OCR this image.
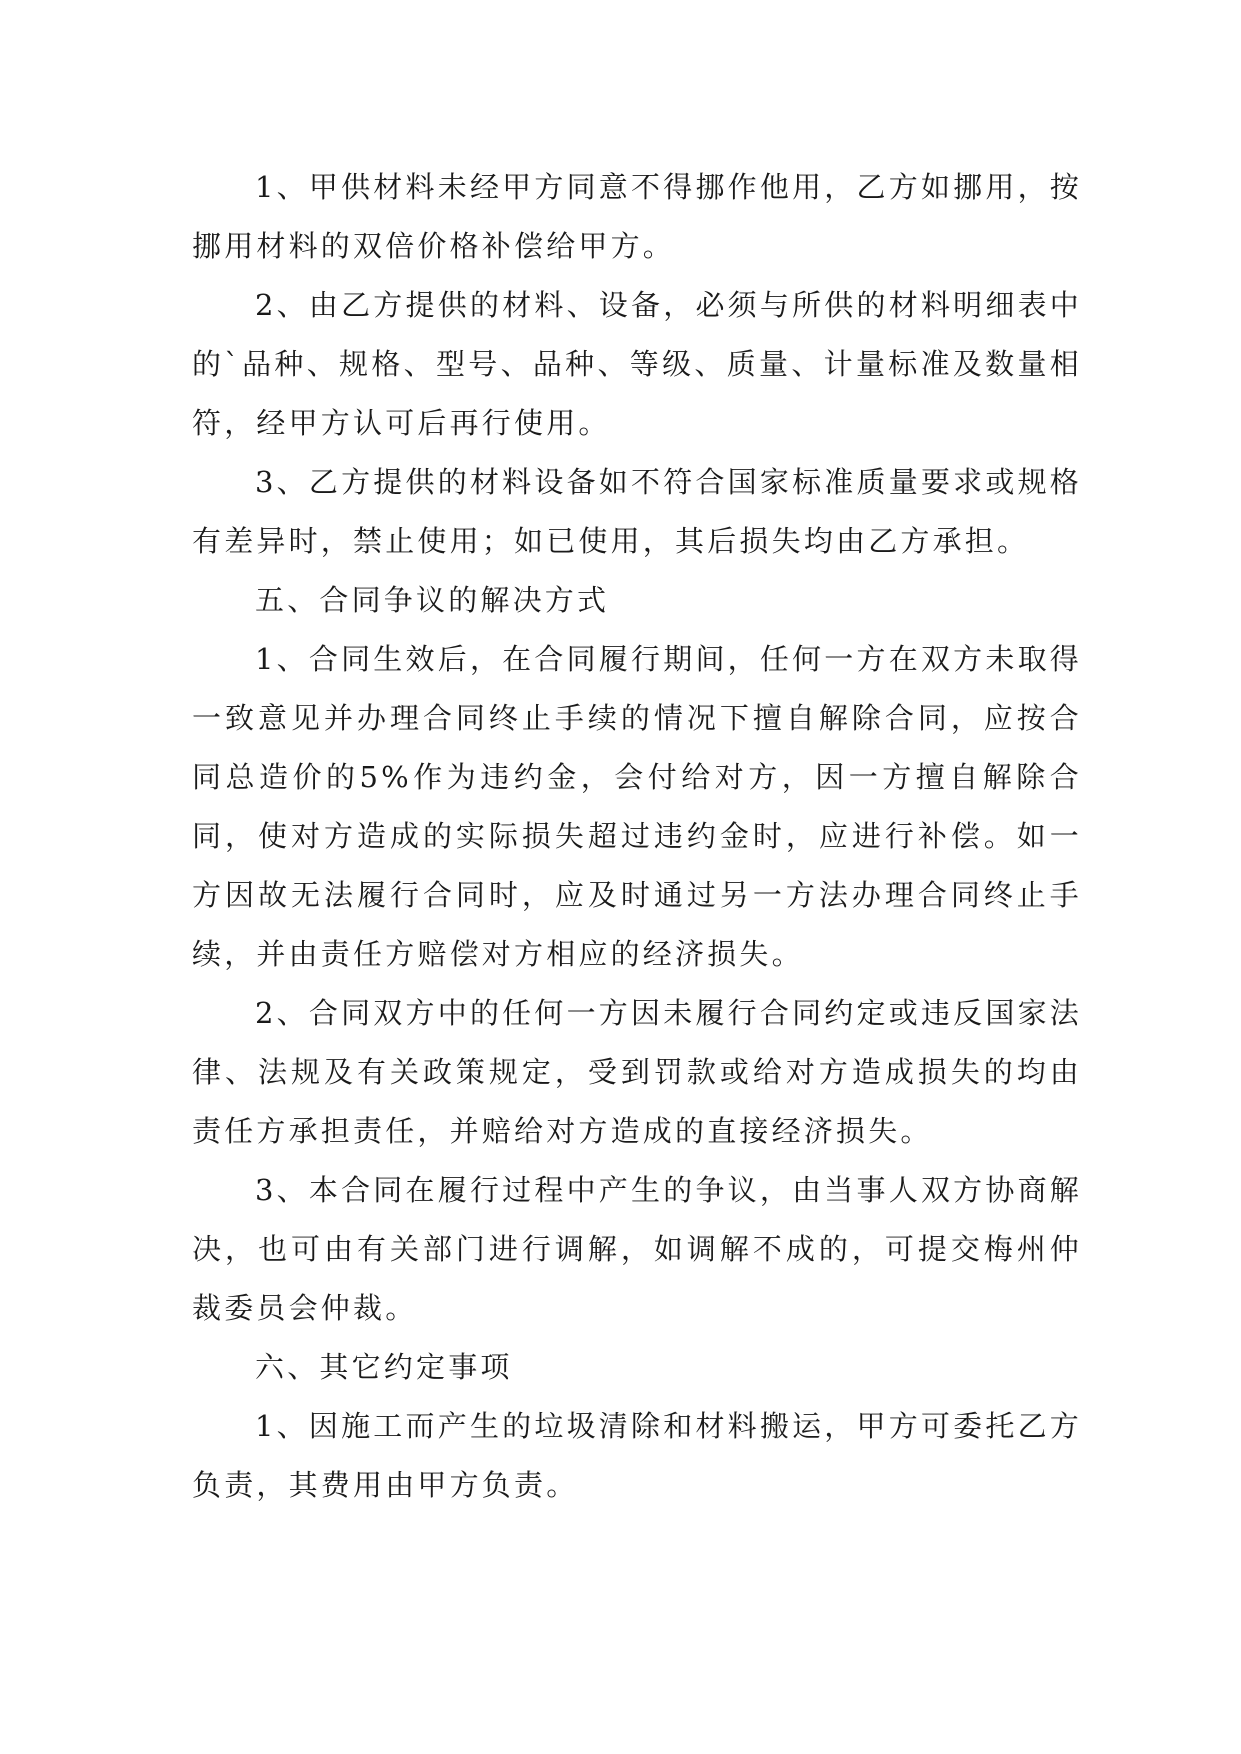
1、甲供材料未经甲方同意不得挪作他用，乙方如挪用，按挪用材料的双倍价格补偿给甲方。

2、由乙方提供的材料、设备，必须与所供的材料明细表中的`品种、规格、型号、品种、等级、质量、计量标准及数量相符，经甲方认可后再行使用。

3、乙方提供的材料设备如不符合国家标准质量要求或规格有差异时，禁止使用；如已使用，其后损失均由乙方承担。

五、合同争议的解决方式

1、合同生效后，在合同履行期间，任何一方在双方未取得一致意见并办理合同终止手续的情况下擅自解除合同，应按合同总造价的5%作为违约金，会付给对方，因一方擅自解除合同，使对方造成的实际损失超过违约金时，应进行补偿。如一方因故无法履行合同时，应及时通过另一方法办理合同终止手续，并由责任方赔偿对方相应的经济损失。

2、合同双方中的任何一方因未履行合同约定或违反国家法律、法规及有关政策规定，受到罚款或给对方造成损失的均由责任方承担责任，并赔给对方造成的直接经济损失。

3、本合同在履行过程中产生的争议，由当事人双方协商解决，也可由有关部门进行调解，如调解不成的，可提交梅州仲裁委员会仲裁。

六、其它约定事项

1、因施工而产生的垃圾清除和材料搬运，甲方可委托乙方负责，其费用由甲方负责。
